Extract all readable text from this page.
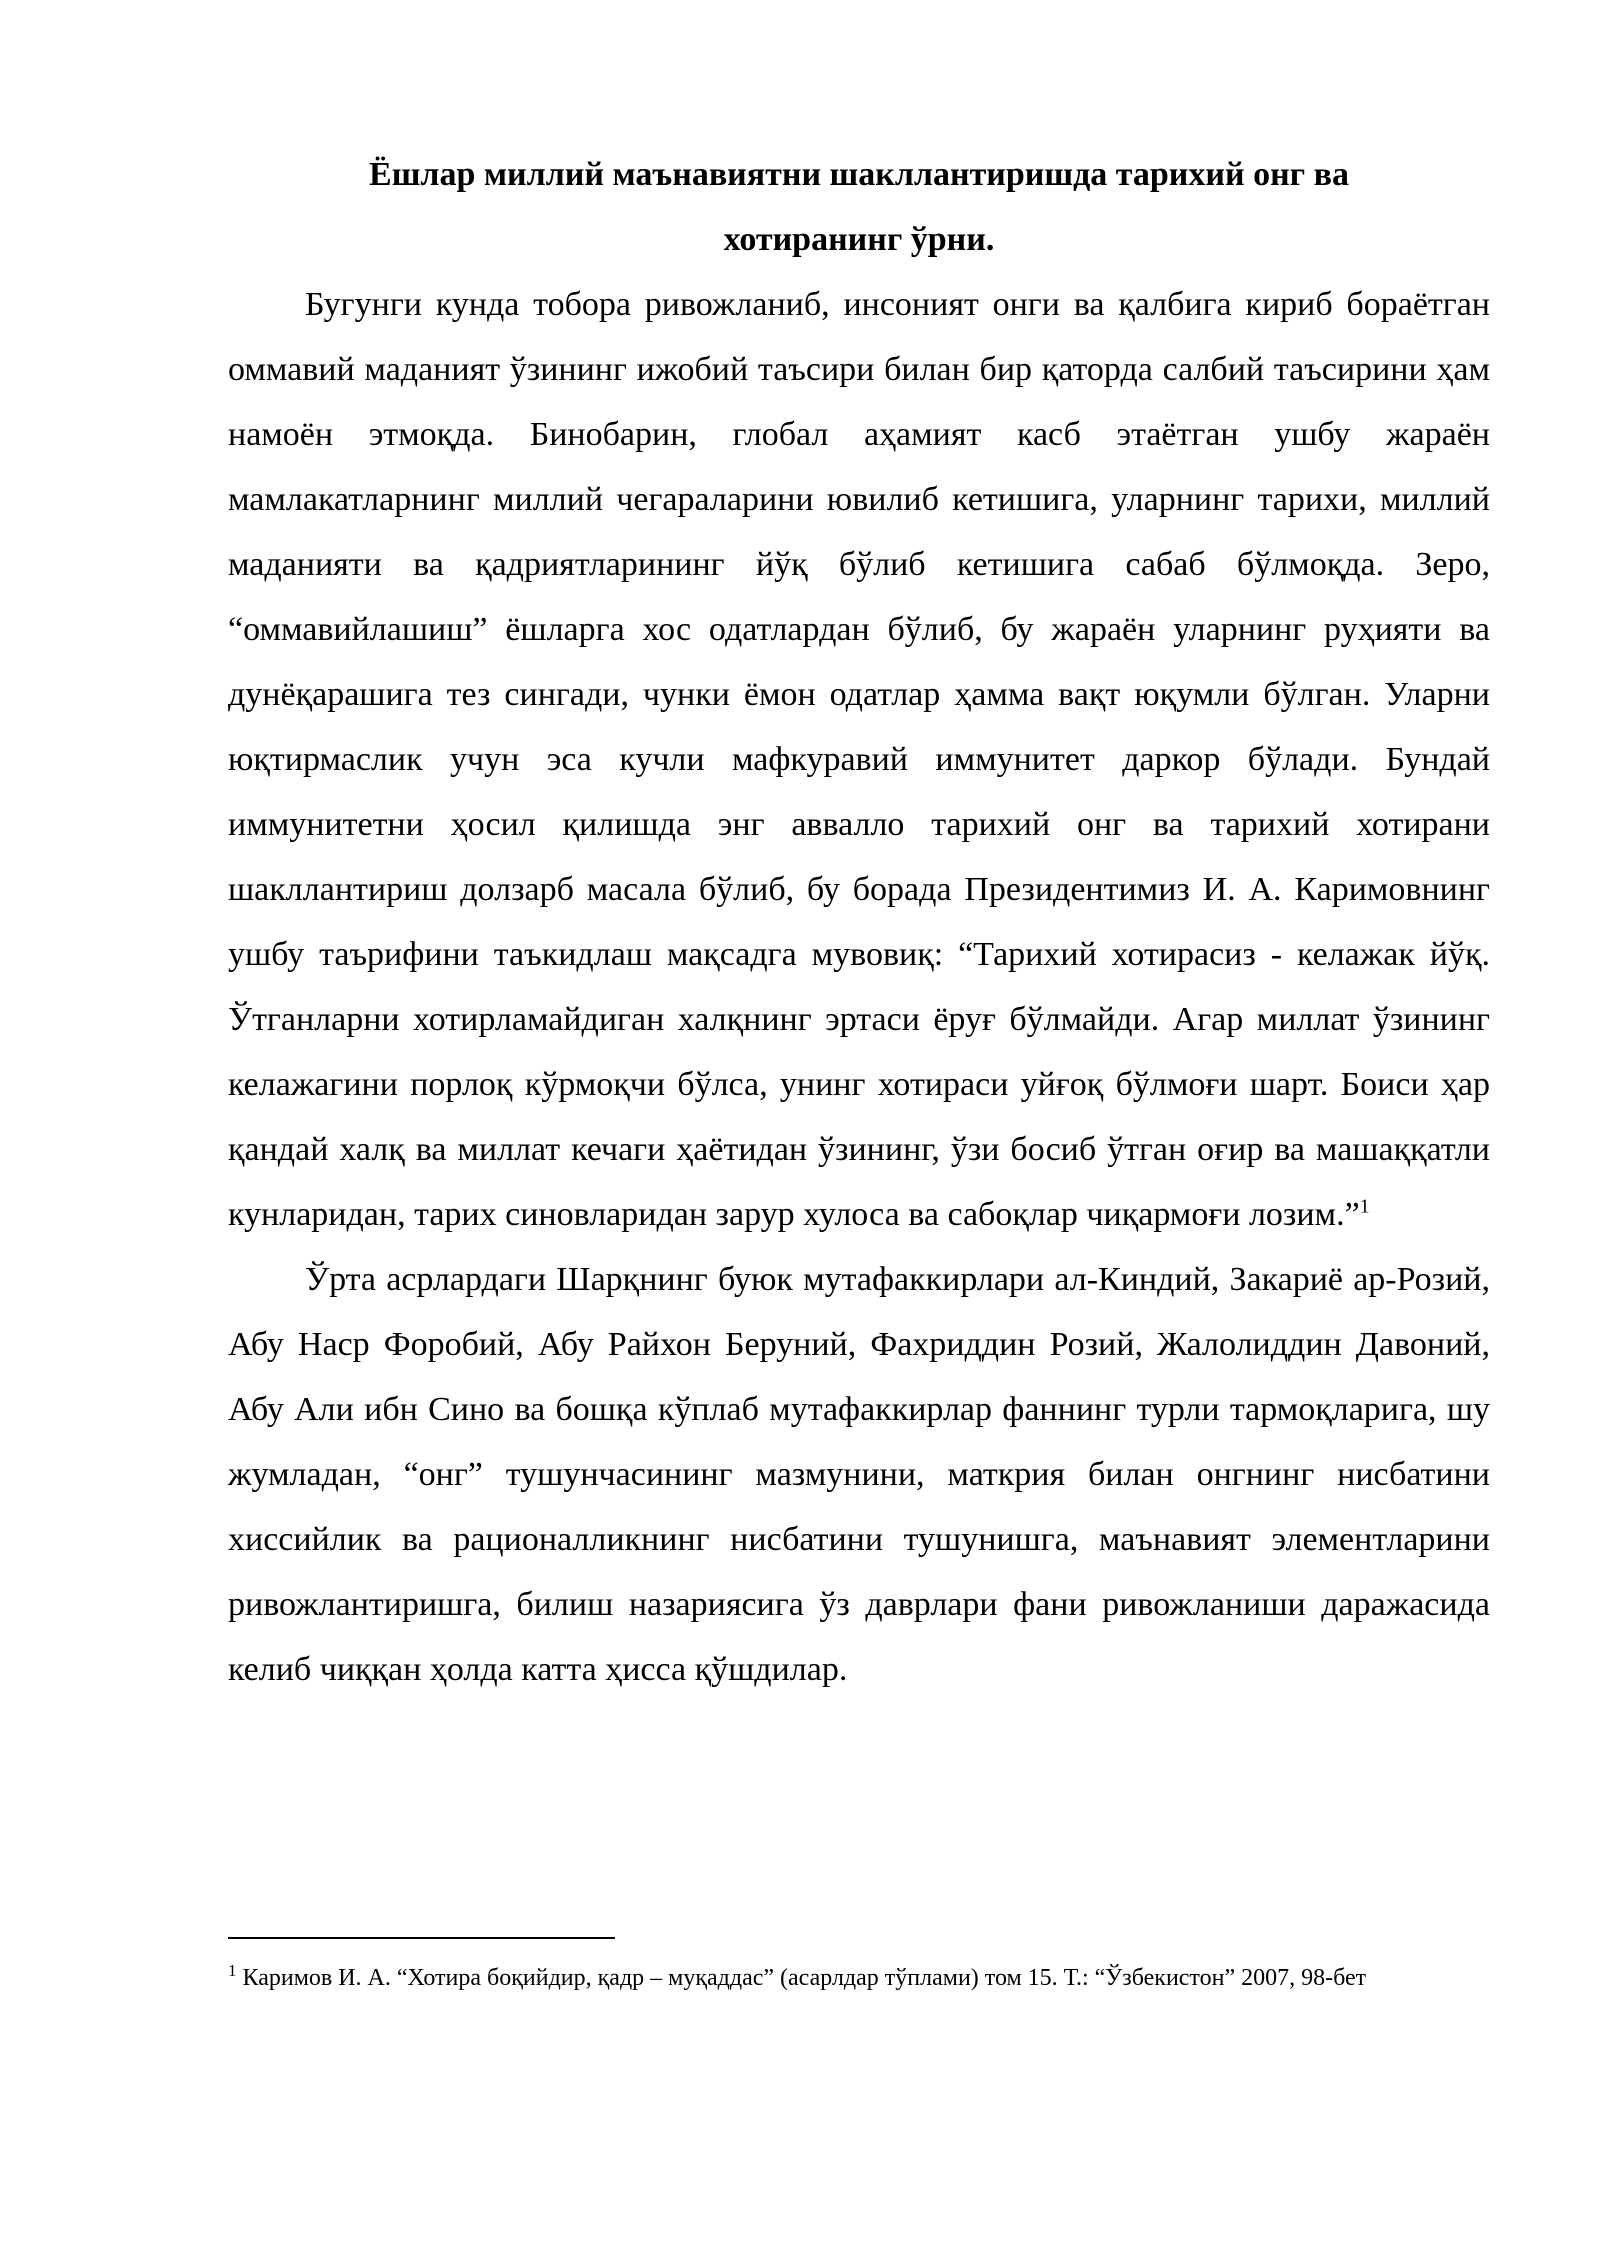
Ёшлар миллий маънавиятни шакллантиришда тарихий онг ва
хотиранинг ўрни.

Бугунги кунда тобора ривожланиб, инсоният онги ва қалбига кириб бораётган оммавий маданият ўзининг ижобий таъсири билан бир қаторда салбий таъсирини ҳам намоён этмоқда. Бинобарин, глобал аҳамият касб этаётган ушбу жараён мамлакатларнинг миллий чегараларини ювилиб кетишига, уларнинг тарихи, миллий маданияти ва қадриятларининг йўқ бўлиб кетишига сабаб бўлмоқда. Зеро, “оммавийлашиш” ёшларга хос одатлардан бўлиб, бу жараён уларнинг руҳияти ва дунёқарашига тез сингади, чунки ёмон одатлар ҳамма вақт юқумли бўлган. Уларни юқтирмаслик учун эса кучли мафкуравий иммунитет даркор бўлади. Бундай иммунитетни ҳосил қилишда энг аввалло тарихий онг ва тарихий хотирани шакллантириш долзарб масала бўлиб, бу борада Президентимиз И. А. Каримовнинг ушбу таърифини таъкидлаш мақсадга мувовиқ: “Тарихий хотирасиз - келажак йўқ. Ўтганларни хотирламайдиган халқнинг эртаси ёруғ бўлмайди. Агар миллат ўзининг келажагини порлоқ кўрмоқчи бўлса, унинг хотираси уйғоқ бўлмоғи шарт. Боиси ҳар қандай халқ ва миллат кечаги ҳаётидан ўзининг, ўзи босиб ўтган оғир ва машаққатли кунларидан, тарих синовларидан зарур хулоса ва сабоқлар чиқармоғи лозим.”$^1$

Ўрта асрлардаги Шарқнинг буюк мутафаккирлари ал-Киндий, Закариё ар-Розий, Абу Наср Форобий, Абу Райхон Беруний, Фахриддин Розий, Жалолиддин Давоний, Абу Али ибн Сино ва бошқа кўплаб мутафаккирлар фаннинг турли тармоқларига, шу жумладан, “онг” тушунчасининг мазмунини, маткрия билан онгнинг нисбатини хиссийлик ва рационалликнинг нисбатини тушунишга, маънавият элементларини ривожлантиришга, билиш назариясига ўз даврлари фани ривожланиши даражасида келиб чиққан ҳолда катта ҳисса қўшдилар.

$^1$ Каримов И. А. “Хотира боқийдир, қадр – муқаддас” (асарлдар тўплами) том 15. Т.: “Ўзбекистон” 2007, 98-бет
